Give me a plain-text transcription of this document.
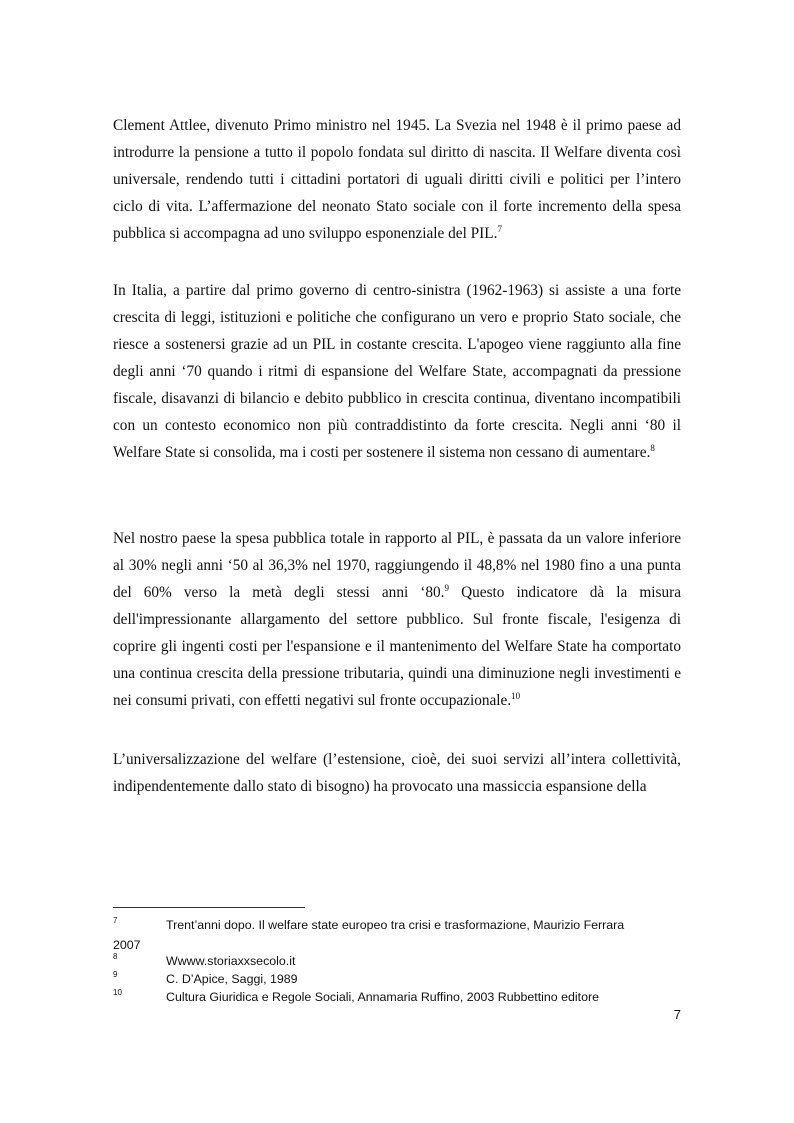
Clement Attlee, divenuto Primo ministro nel 1945. La Svezia nel 1948 è il primo paese ad introdurre la pensione a tutto il popolo fondata sul diritto di nascita. Il Welfare diventa così universale, rendendo tutti i cittadini portatori di uguali diritti civili e politici per l’intero ciclo di vita. L’affermazione del neonato Stato sociale con il forte incremento della spesa pubblica si accompagna ad uno sviluppo esponenziale del PIL.$^7$

In Italia, a partire dal primo governo di centro-sinistra (1962-1963) si assiste a una forte crescita di leggi, istituzioni e politiche che configurano un vero e proprio Stato sociale, che riesce a sostenersi grazie ad un PIL in costante crescita. L'apogeo viene raggiunto alla fine degli anni ‘70 quando i ritmi di espansione del Welfare State, accompagnati da pressione fiscale, disavanzi di bilancio e debito pubblico in crescita continua, diventano incompatibili con un contesto economico non più contraddistinto da forte crescita. Negli anni ‘80 il Welfare State si consolida, ma i costi per sostenere il sistema non cessano di aumentare.$^8$

Nel nostro paese la spesa pubblica totale in rapporto al PIL, è passata da un valore inferiore al 30% negli anni ‘50 al 36,3% nel 1970, raggiungendo il 48,8% nel 1980 fino a una punta del 60% verso la metà degli stessi anni ‘80.$^9$ Questo indicatore dà la misura dell'impressionante allargamento del settore pubblico. Sul fronte fiscale, l'esigenza di coprire gli ingenti costi per l'espansione e il mantenimento del Welfare State ha comportato una continua crescita della pressione tributaria, quindi una diminuzione negli investimenti e nei consumi privati, con effetti negativi sul fronte occupazionale.$^{10}$

L’universalizzazione del welfare (l’estensione, cioè, dei suoi servizi all’intera collettività, indipendentemente dallo stato di bisogno) ha provocato una massiccia espansione della

7	Trent’anni dopo. Il welfare state europeo tra crisi e trasformazione, Maurizio Ferrara
2007
8	Wwww.storiaxxsecolo.it
9	C. D’Apice, Saggi, 1989
10	Cultura Giuridica e Regole Sociali, Annamaria Ruffino, 2003 Rubbettino editore
7
